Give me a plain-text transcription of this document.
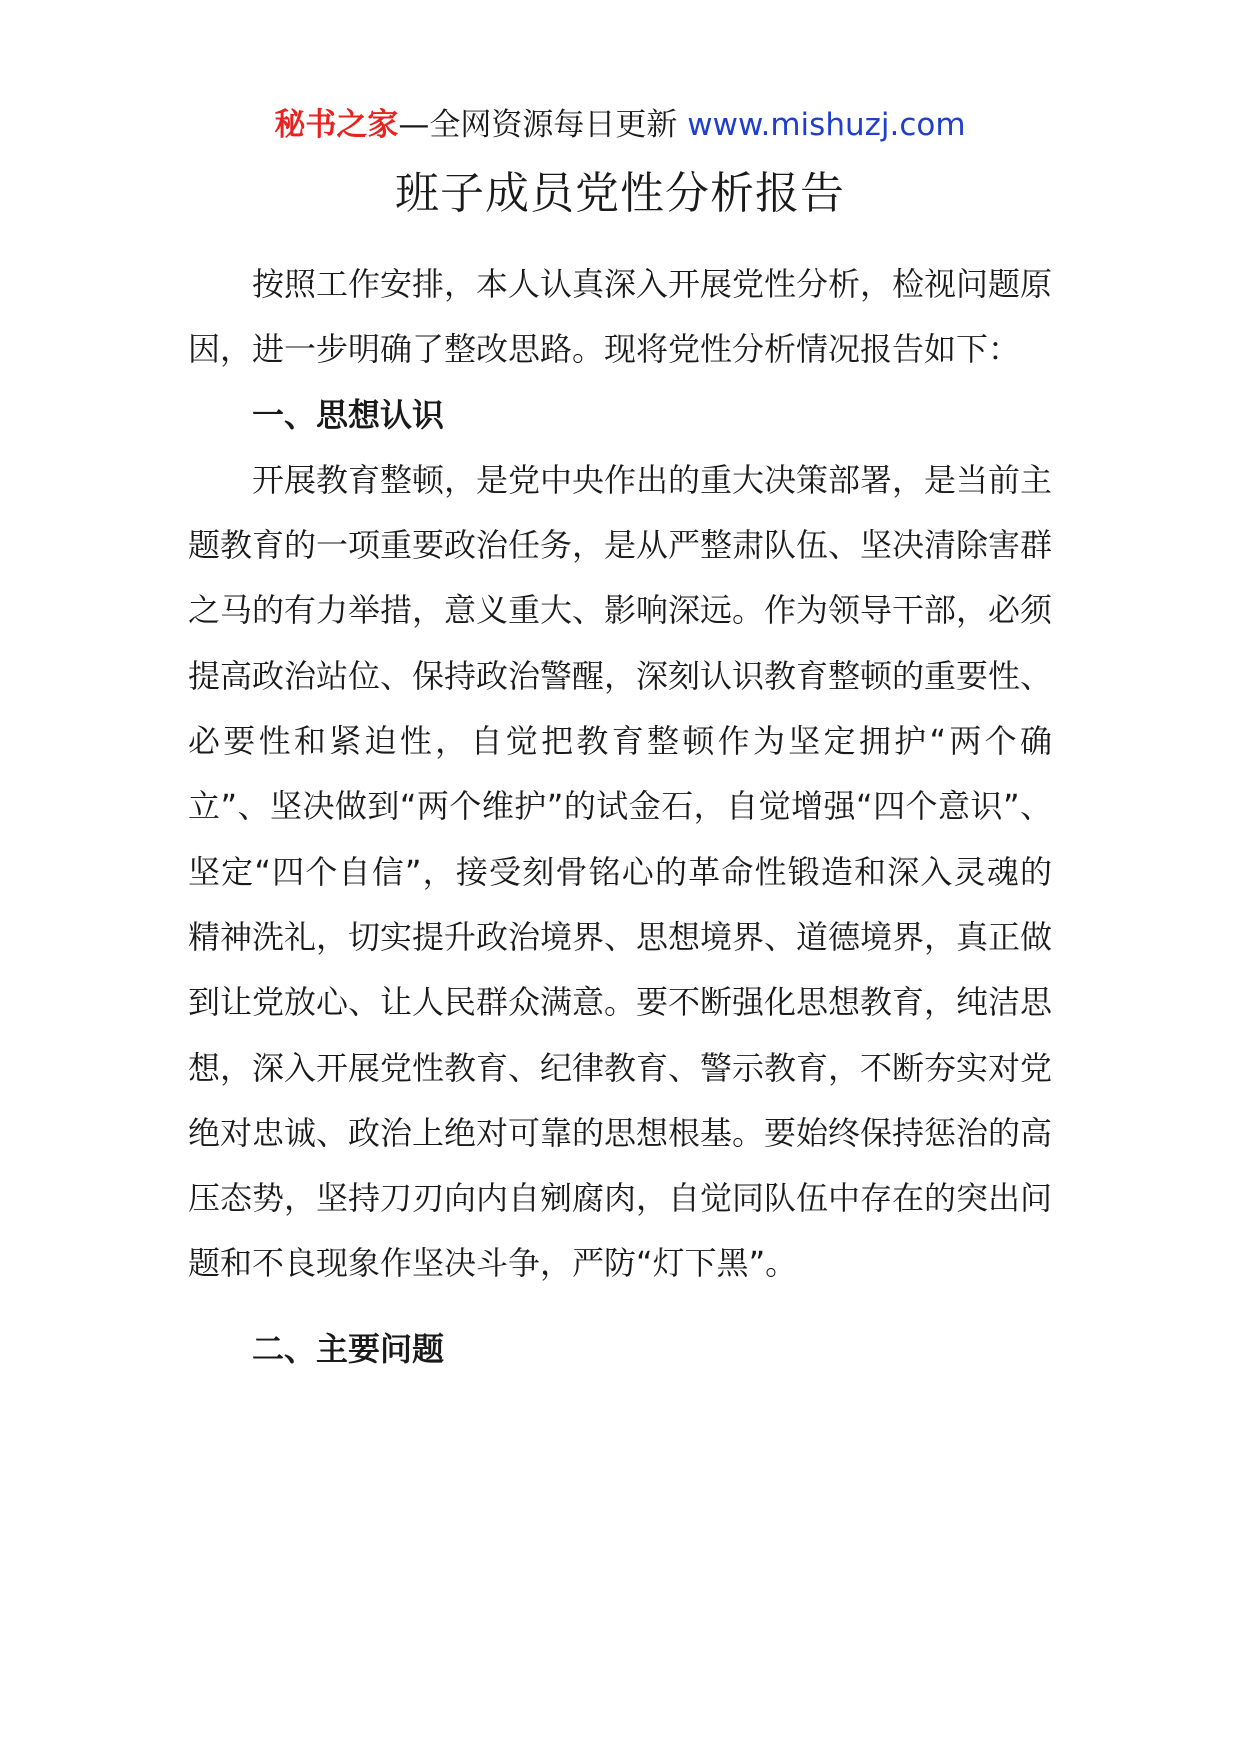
秘书之家—全网资源每日更新 www.mishuzj.com
班子成员党性分析报告

按照工作安排，本人认真深入开展党性分析，检视问题原因，进一步明确了整改思路。现将党性分析情况报告如下：

一、思想认识

开展教育整顿，是党中央作出的重大决策部署，是当前主题教育的一项重要政治任务，是从严整肃队伍、坚决清除害群之马的有力举措，意义重大、影响深远。作为领导干部，必须提高政治站位、保持政治警醒，深刻认识教育整顿的重要性、必要性和紧迫性，自觉把教育整顿作为坚定拥护“两个确立”、坚决做到“两个维护”的试金石，自觉增强“四个意识”、坚定“四个自信”，接受刻骨铭心的革命性锻造和深入灵魂的精神洗礼，切实提升政治境界、思想境界、道德境界，真正做到让党放心、让人民群众满意。要不断强化思想教育，纯洁思想，深入开展党性教育、纪律教育、警示教育，不断夯实对党绝对忠诚、政治上绝对可靠的思想根基。要始终保持惩治的高压态势，坚持刀刃向内自剜腐肉，自觉同队伍中存在的突出问题和不良现象作坚决斗争，严防“灯下黑”。

二、主要问题
